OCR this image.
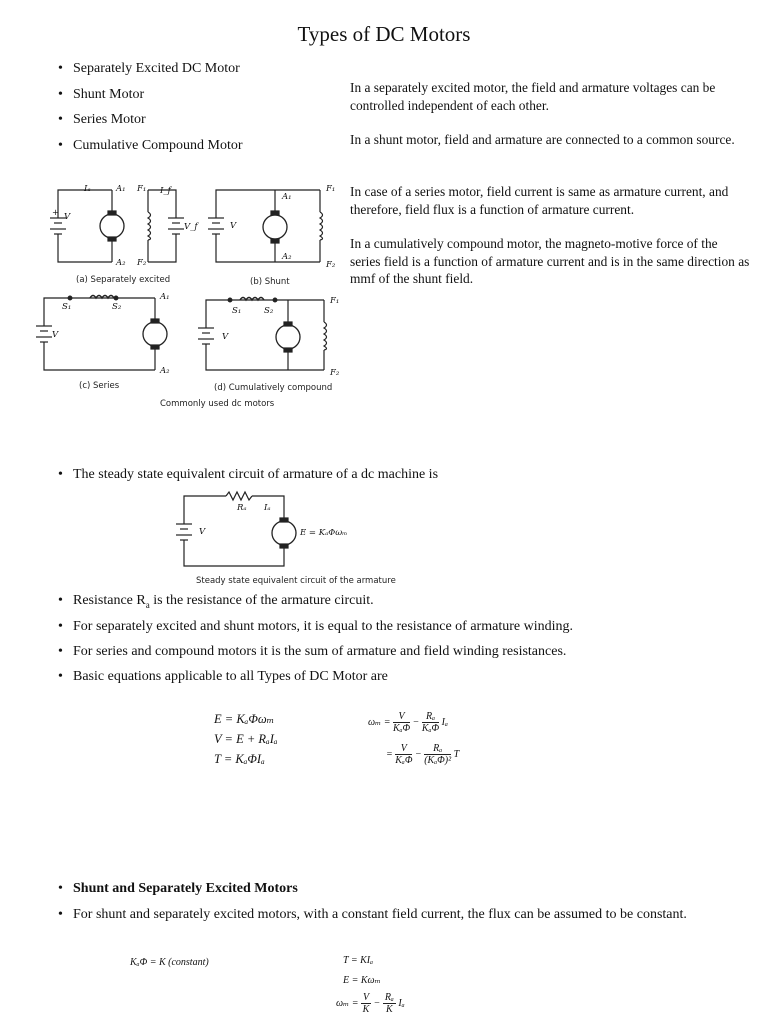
Types of DC Motors
• Separately Excited DC Motor
• Shunt Motor
• Series Motor
• Cumulative Compound Motor
In a separately excited motor, the field and armature voltages can be controlled independent of each other.
In a shunt motor, field and armature are connected to a common source.
In case of a series motor, field current is same as armature current, and therefore, field flux is a function of armature current.
In a cumulatively compound motor, the magneto-motive force of the series field is a function of armature current and is in the same direction as mmf of the shunt field.
V
+
A₁
A₂
Iₐ	F₁
F₂
I_f
V_f	V
A₁
A₂
F₁
F₂
V
S₁	S₂
A₁
A₂
V
S₁	S₂
F₁
F₂
(a) Separately excited	(b) Shunt
(c) Series	(d) Cumulatively compound
Commonly used dc motors
• The steady state equivalent circuit of armature of a dc machine is
V
Rₐ Iₐ
E = KₐΦωₘ
Steady state equivalent circuit of the armature
• Resistance $R_a$ is the resistance of the armature circuit.
• For separately excited and shunt motors, it is equal to the resistance of armature winding.
• For series and compound motors it is the sum of armature and field winding resistances.
• Basic equations applicable to all Types of DC Motor are
E = KₐΦωₘ
V = E + RₐIₐ
T = KₐΦIₐ
$\omega_m = \frac{V}{\text{KₐΦ}} - \frac{\text{Rₐ}}{\text{KₐΦ}}$ Iₐ
= $\frac{V}{\text{KₐΦ}} - \frac{\text{Rₐ}}{\text{(KₐΦ)²}}$ T
• Shunt and Separately Excited Motors
• For shunt and separately excited motors, with a constant field current, the flux can be assumed to be constant.
KₐΦ = K (constant)	T = KIₐ
E = Kωₘ
$\omega_m = \frac{V}{K} - \frac{\text{Rₐ}}{K}$ Iₐ
